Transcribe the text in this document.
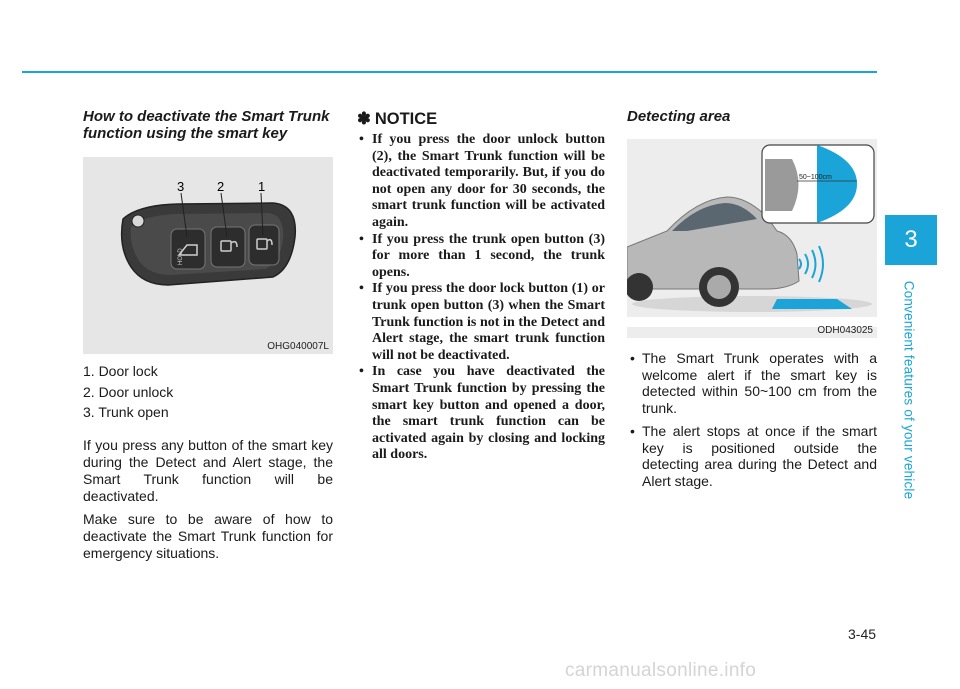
3
Convenient features of your vehicle

How to deactivate the Smart Trunk function using the smart key

3	2	1
HOLD
OHG040007L
1. Door lock
2. Door unlock
3. Trunk open

If you press any button of the smart key during the Detect and Alert stage, the Smart Trunk function will be deactivated.

Make sure to be aware of how to deactivate the Smart Trunk function for emergency situations.

✽ NOTICE

• If you press the door unlock button (2), the Smart Trunk function will be deactivated temporarily. But, if you do not open any door for 30 seconds, the smart trunk function will be activated again.
• If you press the trunk open button (3) for more than 1 second, the trunk opens.
• If you press the door lock button (1) or trunk open button (3) when the Smart Trunk function is not in the Detect and Alert stage, the smart trunk function will not be deactivated.
• In case you have deactivated the Smart Trunk function by pressing the smart key button and opened a door, the smart trunk function can be activated again by closing and locking all doors.

Detecting area

50~100cm
ODH043025
• The Smart Trunk operates with a welcome alert if the smart key is detected within 50~100 cm from the trunk.
• The alert stops at once if the smart key is positioned outside the detecting area during the Detect and Alert stage.
3-45
carmanualsonline.info
